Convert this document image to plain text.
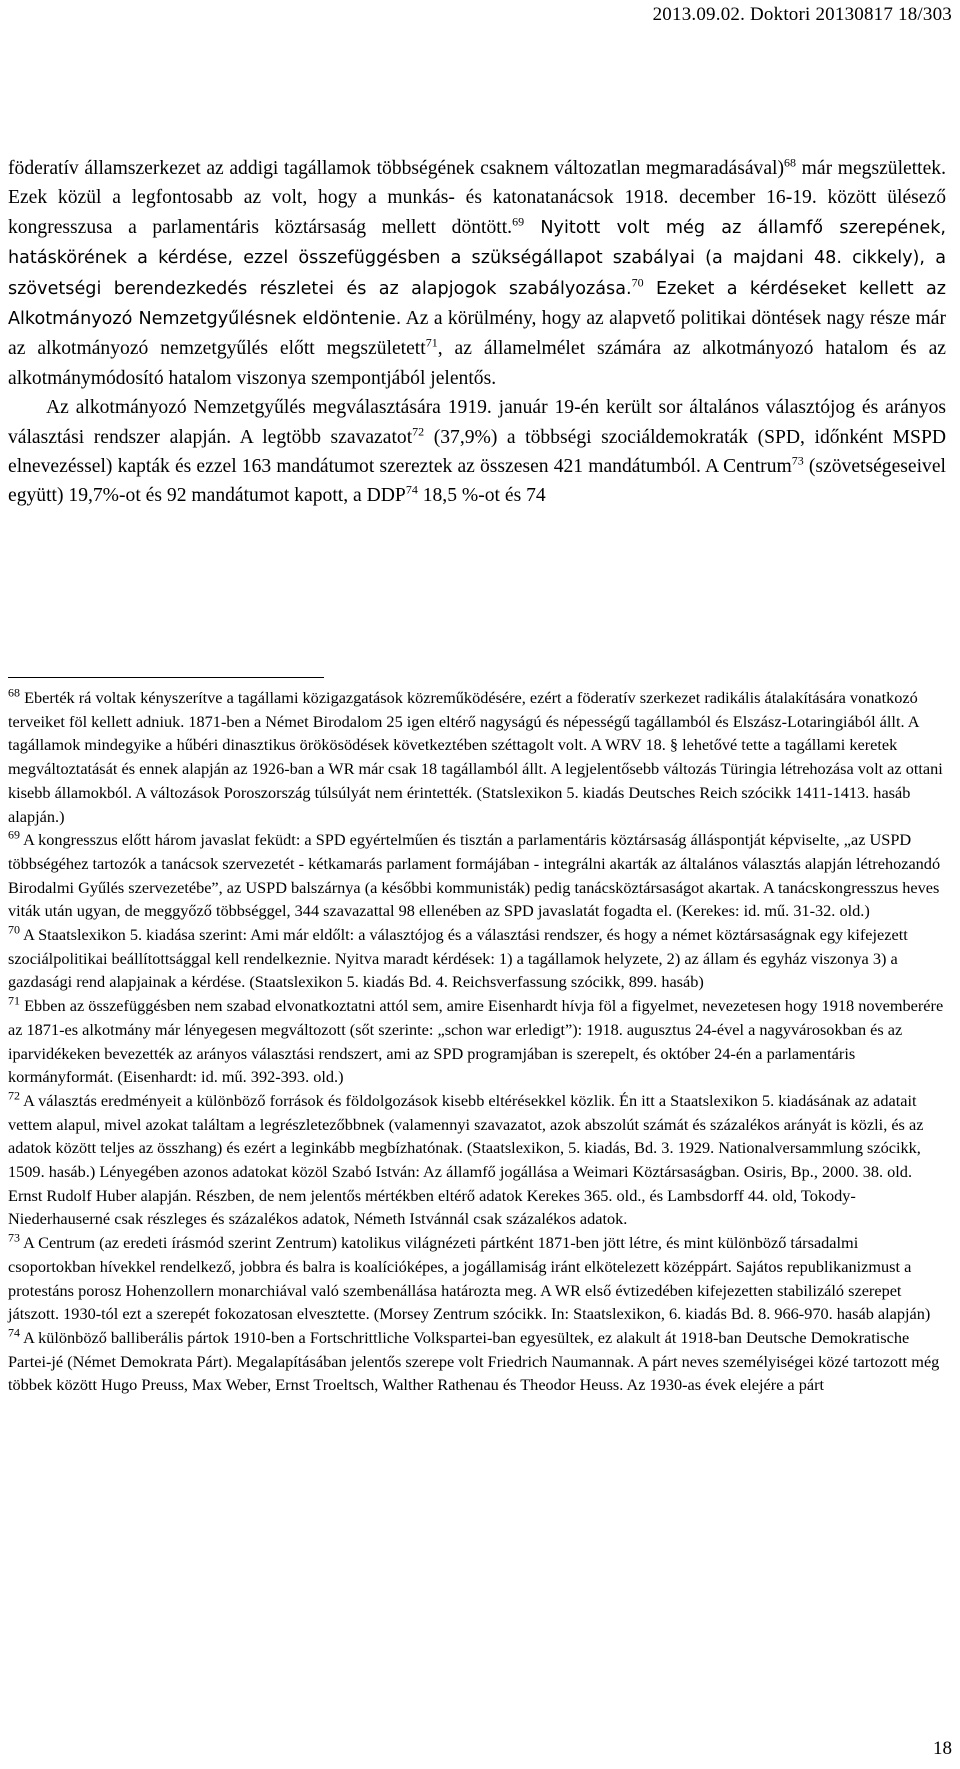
2013.09.02. Doktori 20130817 18/303

föderatív államszerkezet az addigi tagállamok többségének csaknem változatlan megmaradásával)$^{68}$ már megszülettek. Ezek közül a legfontosabb az volt, hogy a munkás- és katonatanácsok 1918. december 16-19. között ülésező kongresszusa a parlamentáris köztársaság mellett döntött.$^{69}$ Nyitott volt még az államfő szerepének, hatáskörének a kérdése, ezzel összefüggésben a szükségállapot szabályai (a majdani 48. cikkely), a szövetségi berendezkedés részletei és az alapjogok szabályozása.$^{70}$ Ezeket a kérdéseket kellett az Alkotmányozó Nemzetgyűlésnek eldöntenie. Az a körülmény, hogy az alapvető politikai döntések nagy része már az alkotmányozó nemzetgyűlés előtt megszületett$^{71}$, az államelmélet számára az alkotmányozó hatalom és az alkotmánymódosító hatalom viszonya szempontjából jelentős.

Az alkotmányozó Nemzetgyűlés megválasztására 1919. január 19-én került sor általános választójog és arányos választási rendszer alapján. A legtöbb szavazatot$^{72}$ (37,9%) a többségi szociáldemokraták (SPD, időnként MSPD elnevezéssel) kapták és ezzel 163 mandátumot szereztek az összesen 421 mandátumból. A Centrum$^{73}$ (szövetségeseivel együtt) 19,7%-ot és 92 mandátumot kapott, a DDP$^{74}$ 18,5 %-ot és 74

$^{68}$ Eberték rá voltak kényszerítve a tagállami közigazgatások közreműködésére, ezért a föderatív szerkezet radikális átalakítására vonatkozó terveiket föl kellett adniuk. 1871-ben a Német Birodalom 25 igen eltérő nagyságú és népességű tagállamból és Elszász-Lotaringiából állt. A tagállamok mindegyike a hűbéri dinasztikus örökösödések következtében széttagolt volt. A WRV 18. § lehetővé tette a tagállami keretek megváltoztatását és ennek alapján az 1926-ban a WR már csak 18 tagállamból állt. A legjelentősebb változás Türingia létrehozása volt az ottani kisebb államokból. A változások Poroszország túlsúlyát nem érintették. (Statslexikon 5. kiadás Deutsches Reich szócikk 1411-1413. hasáb alapján.)

$^{69}$ A kongresszus előtt három javaslat feküdt: a SPD egyértelműen és tisztán a parlamentáris köztársaság álláspontját képviselte, „az USPD többségéhez tartozók a tanácsok szervezetét - kétkamarás parlament formájában - integrálni akarták az általános választás alapján létrehozandó Birodalmi Gyűlés szervezetébe”, az USPD balszárnya (a későbbi kommunisták) pedig tanácsköztársaságot akartak. A tanácskongresszus heves viták után ugyan, de meggyőző többséggel, 344 szavazattal 98 ellenében az SPD javaslatát fogadta el. (Kerekes: id. mű. 31-32. old.)

$^{70}$ A Staatslexikon 5. kiadása szerint: Ami már eldőlt: a választójog és a választási rendszer, és hogy a német köztársaságnak egy kifejezett szociálpolitikai beállítottsággal kell rendelkeznie. Nyitva maradt kérdések: 1) a tagállamok helyzete, 2) az állam és egyház viszonya 3) a gazdasági rend alapjainak a kérdése. (Staatslexikon 5. kiadás Bd. 4. Reichsverfassung szócikk, 899. hasáb)

$^{71}$ Ebben az összefüggésben nem szabad elvonatkoztatni attól sem, amire Eisenhardt hívja föl a figyelmet, nevezetesen hogy 1918 novemberére az 1871-es alkotmány már lényegesen megváltozott (sőt szerinte: „schon war erledigt”): 1918. augusztus 24-ével a nagyvárosokban és az iparvidékeken bevezették az arányos választási rendszert, ami az SPD programjában is szerepelt, és október 24-én a parlamentáris kormányformát. (Eisenhardt: id. mű. 392-393. old.)

$^{72}$ A választás eredményeit a különböző források és földolgozások kisebb eltérésekkel közlik. Én itt a Staatslexikon 5. kiadásának az adatait vettem alapul, mivel azokat találtam a legrészletezőbbnek (valamennyi szavazatot, azok abszolút számát és százalékos arányát is közli, és az adatok között teljes az összhang) és ezért a leginkább megbízhatónak. (Staatslexikon, 5. kiadás, Bd. 3. 1929. Nationalversammlung szócikk, 1509. hasáb.) Lényegében azonos adatokat közöl Szabó István: Az államfő jogállása a Weimari Köztársaságban. Osiris, Bp., 2000. 38. old. Ernst Rudolf Huber alapján. Részben, de nem jelentős mértékben eltérő adatok Kerekes 365. old., és Lambsdorff 44. old, Tokody-Niederhauserné csak részleges és százalékos adatok, Németh Istvánnál csak százalékos adatok.

$^{73}$ A Centrum (az eredeti írásmód szerint Zentrum) katolikus világnézeti pártként 1871-ben jött létre, és mint különböző társadalmi csoportokban hívekkel rendelkező, jobbra és balra is koalícióképes, a jogállamiság iránt elkötelezett középpárt. Sajátos republikanizmust a protestáns porosz Hohenzollern monarchiával való szembenállása határozta meg. A WR első évtizedében kifejezetten stabilizáló szerepet játszott. 1930-tól ezt a szerepét fokozatosan elvesztette. (Morsey Zentrum szócikk. In: Staatslexikon, 6. kiadás Bd. 8. 966-970. hasáb alapján)

$^{74}$ A különböző balliberális pártok 1910-ben a Fortschrittliche Volkspartei-ban egyesültek, ez alakult át 1918-ban Deutsche Demokratische Partei-jé (Német Demokrata Párt). Megalapításában jelentős szerepe volt Friedrich Naumannak. A párt neves személyiségei közé tartozott még többek között Hugo Preuss, Max Weber, Ernst Troeltsch, Walther Rathenau és Theodor Heuss. Az 1930-as évek elejére a párt

18
